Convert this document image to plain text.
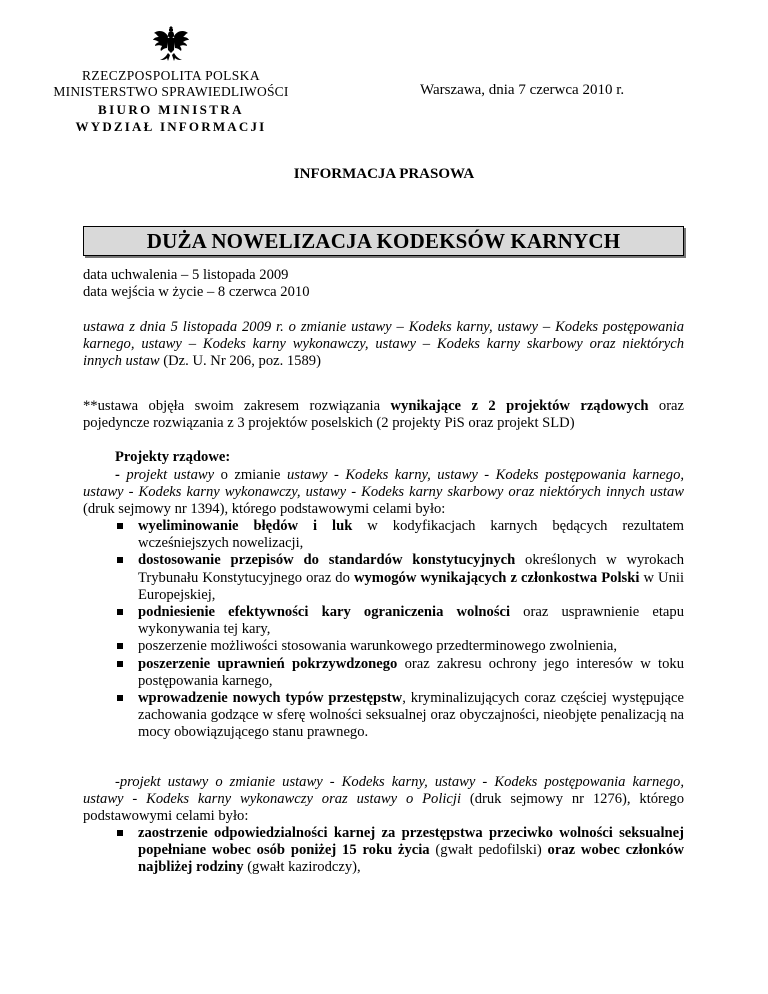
RZECZPOSPOLITA POLSKA
MINISTERSTWO SPRAWIEDLIWOŚCI
BIURO MINISTRA
WYDZIAŁ INFORMACJI
Warszawa, dnia 7 czerwca 2010 r.
INFORMACJA PRASOWA
DUŻA NOWELIZACJA KODEKSÓW KARNYCH
data uchwalenia – 5 listopada 2009
data wejścia w życie – 8 czerwca 2010
ustawa z dnia 5 listopada 2009 r. o zmianie ustawy – Kodeks karny, ustawy – Kodeks postępowania karnego, ustawy – Kodeks karny wykonawczy, ustawy – Kodeks karny skarbowy oraz niektórych innych ustaw (Dz. U. Nr 206, poz. 1589)
**ustawa objęła swoim zakresem rozwiązania wynikające z 2 projektów rządowych oraz pojedyncze rozwiązania z 3 projektów poselskich (2 projekty PiS oraz projekt SLD)
Projekty rządowe:
- projekt ustawy o zmianie ustawy - Kodeks karny, ustawy - Kodeks postępowania karnego, ustawy - Kodeks karny wykonawczy, ustawy - Kodeks karny skarbowy oraz niektórych innych ustaw (druk sejmowy nr 1394), którego podstawowymi celami było:
wyeliminowanie błędów i luk w kodyfikacjach karnych będących rezultatem wcześniejszych nowelizacji,
dostosowanie przepisów do standardów konstytucyjnych określonych w wyrokach Trybunału Konstytucyjnego oraz do wymogów wynikających z członkostwa Polski w Unii Europejskiej,
podniesienie efektywności kary ograniczenia wolności oraz usprawnienie etapu wykonywania tej kary,
poszerzenie możliwości stosowania warunkowego przedterminowego zwolnienia,
poszerzenie uprawnień pokrzywdzonego oraz zakresu ochrony jego interesów w toku postępowania karnego,
wprowadzenie nowych typów przestępstw, kryminalizujących coraz częściej występujące zachowania godzące w sferę wolności seksualnej oraz obyczajności, nieobjęte penalizacją na mocy obowiązującego stanu prawnego.
-projekt ustawy o zmianie ustawy - Kodeks karny, ustawy - Kodeks postępowania karnego, ustawy - Kodeks karny wykonawczy oraz ustawy o Policji (druk sejmowy nr 1276), którego podstawowymi celami było:
zaostrzenie odpowiedzialności karnej za przestępstwa przeciwko wolności seksualnej popełniane wobec osób poniżej 15 roku życia (gwałt pedofilski) oraz wobec członków najbliżej rodziny (gwałt kazirodczy),
